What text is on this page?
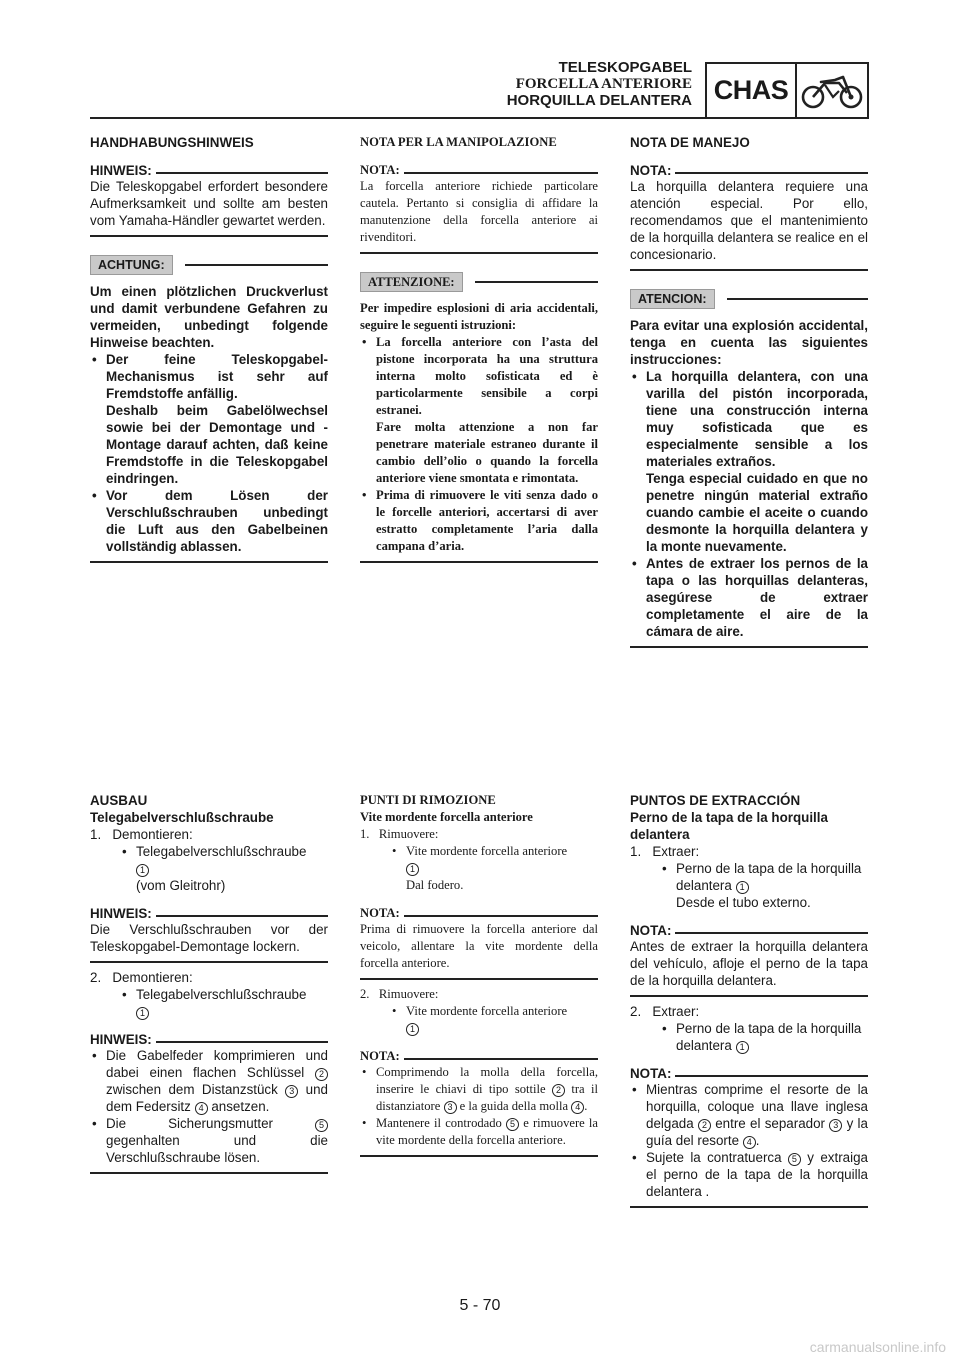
TELESKOPGABEL
FORCELLA ANTERIORE
HORQUILLA DELANTERA CHAS

HANDHABUNGSHINWEIS

HINWEIS:

Die Teleskopgabel erfordert besondere Aufmerksamkeit und sollte am besten vom Yamaha-Händler gewartet werden.

ACHTUNG:

Um einen plötzlichen Druckverlust und damit verbundene Gefahren zu vermeiden, unbedingt folgende Hinweise beachten.

• Der feine Teleskopgabel-Mechanismus ist sehr auf Fremdstoffe anfällig.
Deshalb beim Gabelölwechsel sowie bei der Demontage und -Montage darauf achten, daß keine Fremdstoffe in die Teleskopgabel eindringen.
• Vor dem Lösen der Verschlußschrauben unbedingt die Luft aus den Gabelbeinen vollständig ablassen.

NOTA PER LA MANIPOLAZIONE

NOTA:

La forcella anteriore richiede particolare cautela. Pertanto si consiglia di affidare la manutenzione della forcella anteriore ai rivenditori.

ATTENZIONE:

Per impedire esplosioni di aria accidentali, seguire le seguenti istruzioni:

• La forcella anteriore con l’asta del pistone incorporata ha una struttura interna molto sofisticata ed è particolarmente sensibile a corpi estranei.
Fare molta attenzione a non far penetrare materiale estraneo durante il cambio dell’olio o quando la forcella anteriore viene smontata e rimontata.
• Prima di rimuovere le viti senza dado o le forcelle anteriori, accertarsi di aver estratto completamente l’aria dalla campana d’aria.

NOTA DE MANEJO

NOTA:

La horquilla delantera requiere una atención especial. Por ello, recomendamos que el mantenimiento de la horquilla delantera se realice en el concesionario.

ATENCION:

Para evitar una explosión accidental, tenga en cuenta las siguientes instrucciones:

• La horquilla delantera, con una varilla del pistón incorporada, tiene una construcción interna muy sofisticada que es especialmente sensible a los materiales extraños.
Tenga especial cuidado en que no penetre ningún material extraño cuando cambie el aceite o cuando desmonte la horquilla delantera y la monte nuevamente.
• Antes de extraer los pernos de la tapa o las horquillas delanteras, asegúrese de extraer completamente el aire de la cámara de aire.

AUSBAU

Telegabelverschlußschraube

1. Demontieren:

• Telegabelverschlußschraube

1

(vom Gleitrohr)

HINWEIS:

Die Verschlußschrauben vor der Teleskopgabel-Demontage lockern.

2. Demontieren:

• Telegabelverschlußschraube

1

HINWEIS:
• Die Gabelfeder komprimieren und dabei einen flachen Schlüssel 2 zwischen dem Distanzstück 3 und dem Federsitz 4 ansetzen.
• Die Sicherungsmutter	5 gegenhalten und die Verschlußschraube lösen.

PUNTI DI RIMOZIONE

Vite mordente forcella anteriore

1. Rimuovere:

• Vite mordente forcella anteriore

1

Dal fodero.

NOTA:

Prima di rimuovere la forcella anteriore dal veicolo, allentare la vite mordente della forcella anteriore.

2. Rimuovere:

• Vite mordente forcella anteriore

1

NOTA:
• Comprimendo la molla della forcella, inserire le chiavi di tipo sottile 2 tra il distanziatore 3 e la guida della molla 4 .
• Mantenere il controdado 5 e rimuovere la vite mordente della forcella anteriore.

PUNTOS DE EXTRACCIÓN

Perno de la tapa de la horquilla delantera

1. Extraer:

• Perno de la tapa de la horquilla delantera 1

Desde el tubo externo.

NOTA:

Antes de extraer la horquilla delantera del vehículo, afloje el perno de la tapa de la horquilla delantera.

2. Extraer:

• Perno de la tapa de la horquilla delantera 1

NOTA:
• Mientras comprime el resorte de la horquilla, coloque una llave inglesa delgada 2 entre el separador 3 y la guía del resorte 4 .
• Sujete la contratuerca 5 y extraiga el perno de la tapa de la horquilla delantera .
5 - 70
carmanualsonline.info
